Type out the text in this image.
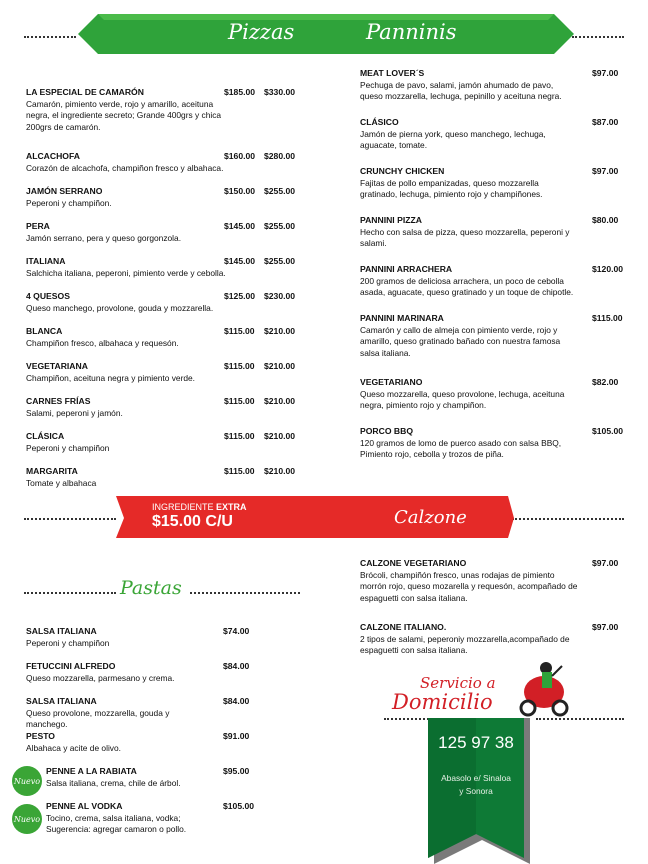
Pizzas	Panninis
LA ESPECIAL DE CAMARÓN	$185.00 $330.00
Camarón, pimiento verde, rojo y amarillo, aceituna negra, el ingrediente secreto; Grande 400grs y chica 200grs de camarón.
ALCACHOFA	$160.00 $280.00
Corazón de alcachofa, champiñon fresco y albahaca.
JAMÓN SERRANO	$150.00 $255.00
Peperoni y champiñon.
PERA	$145.00 $255.00
Jamón serrano, pera y queso gorgonzola.
ITALIANA	$145.00 $255.00
Salchicha italiana, peperoni, pimiento verde y cebolla.
4 QUESOS	$125.00 $230.00
Queso manchego, provolone, gouda y mozzarella.
BLANCA	$115.00 $210.00
Champiñon fresco, albahaca y requesón.
VEGETARIANA	$115.00 $210.00
Champiñon, aceituna negra y pimiento verde.
CARNES FRÍAS	$115.00 $210.00
Salami, peperoni y jamón.
CLÁSICA	$115.00 $210.00
Peperoni y champiñon
MARGARITA	$115.00 $210.00
Tomate y albahaca
MEAT LOVER´S	$97.00
Pechuga de pavo, salami, jamón ahumado de pavo, queso mozzarella, lechuga, pepinillo y aceituna negra.
CLÁSICO	$87.00
Jamón de pierna york, queso manchego, lechuga, aguacate, tomate.
CRUNCHY CHICKEN	$97.00
Fajitas de pollo empanizadas, queso mozzarella gratinado, lechuga, pimiento rojo y champiñones.
PANNINI PIZZA	$80.00
Hecho con salsa de pizza, queso mozzarella, peperoni y salami.
PANNINI ARRACHERA	$120.00
200 gramos de deliciosa arrachera, un poco de cebolla asada, aguacate, queso gratinado y un toque de chipotle.
PANNINI MARINARA	$115.00
Camarón y callo de almeja con pimiento verde, rojo y amarillo, queso gratinado bañado con nuestra famosa salsa italiana.
VEGETARIANO	$82.00
Queso mozzarella, queso provolone, lechuga, aceituna negra, pimiento rojo y champiñon.
PORCO BBQ	$105.00
120 gramos de lomo de puerco asado con salsa BBQ, Pimiento rojo, cebolla y trozos de piña.
INGREDIENTE EXTRA
$15.00 C/U	Calzone
Pastas
SALSA ITALIANA	$74.00
Peperoni y champiñon
FETUCCINI ALFREDO	$84.00
Queso mozzarella, parmesano y crema.
SALSA ITALIANA	$84.00
Queso provolone, mozzarella, gouda y manchego.
PESTO	$91.00
Albahaca y acite de olivo.
PENNE A LA RABIATA	$95.00
Salsa italiana, crema, chile de árbol.
PENNE AL VODKA	$105.00
Tocino, crema, salsa italiana, vodka; Sugerencia: agregar camaron o pollo.
CALZONE VEGETARIANO	$97.00
Brócoli, champiñón fresco, unas rodajas de pimiento morrón rojo, queso mozarella y requesón, acompañado de espaguetti con salsa italiana.
CALZONE ITALIANO.	$97.00
2 tipos de salami, peperoniy mozzarella,acompañado de espaguetti con salsa italiana.
Nuevo
Nuevo
Servicio a
Domicilio
125 97 38
Abasolo e/ Sinaloa
y Sonora
